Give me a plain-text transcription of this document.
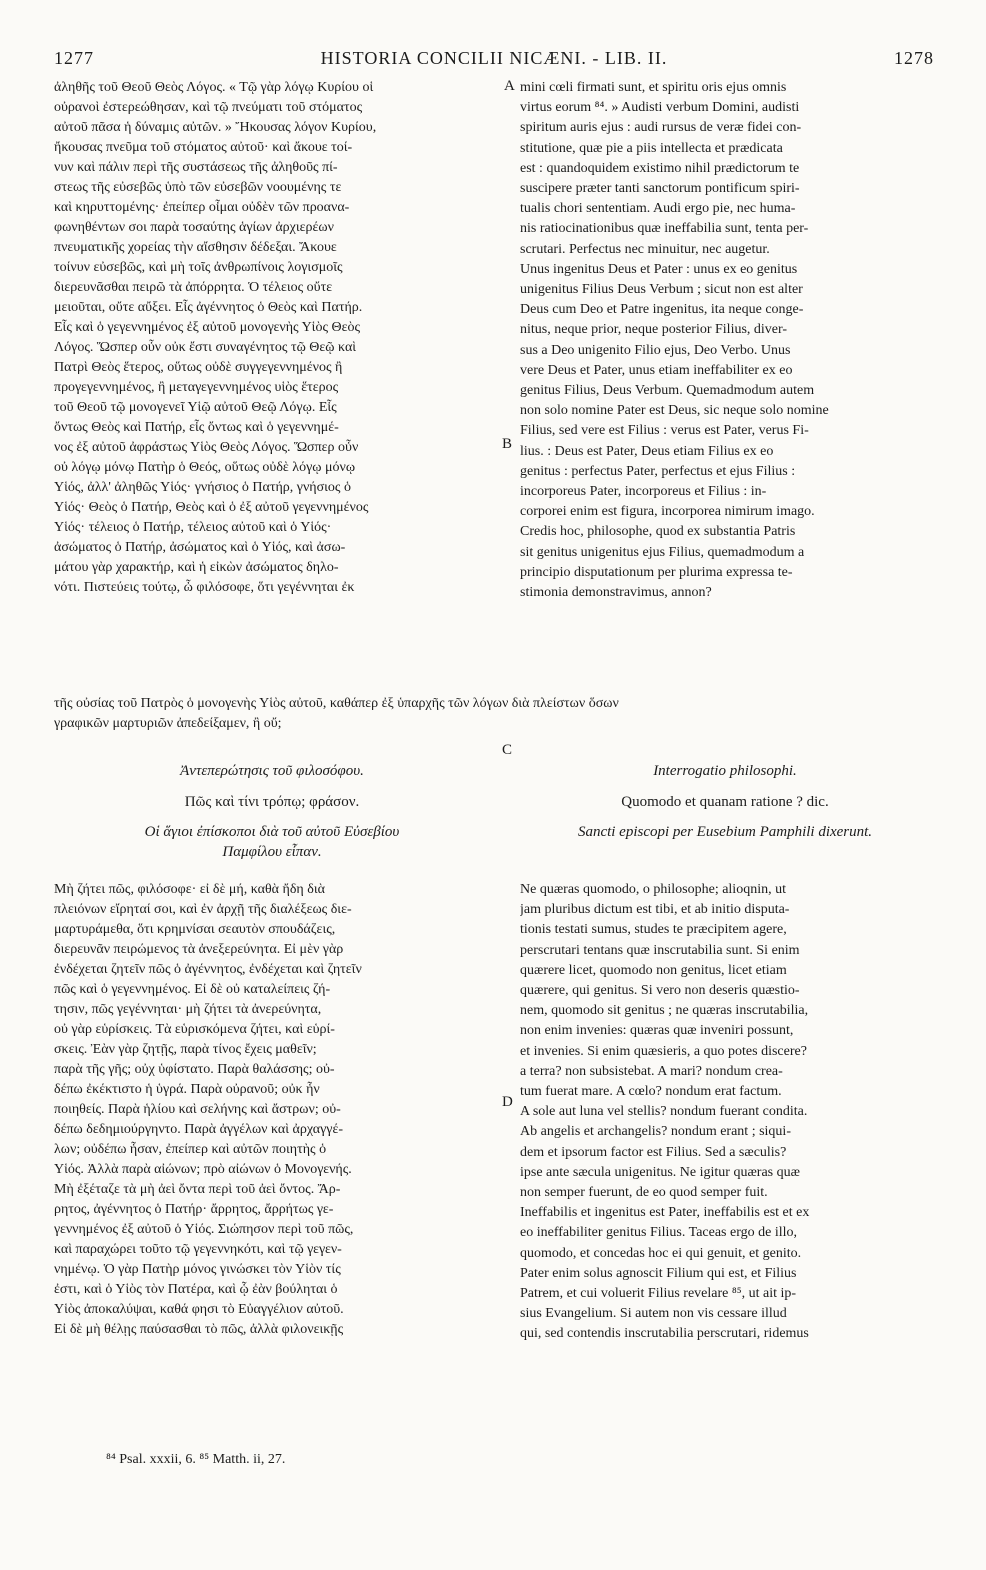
1277	HISTORIA CONCILII NICÆNI. - LIB. II.	1278
ἀληθῆς τοῦ Θεοῦ Θεὸς Λόγος. « Τῷ γὰρ λόγῳ Κυρίου οἱ
οὐρανοὶ ἐστερεώθησαν, καὶ τῷ πνεύματι τοῦ στόματος
αὐτοῦ πᾶσα ἡ δύναμις αὐτῶν. » Ἤκουσας λόγον Κυρίου,
ἤκουσας πνεῦμα τοῦ στόματος αὐτοῦ· καὶ ἄκουε τοί-
νυν καὶ πάλιν περὶ τῆς συστάσεως τῆς ἀληθοῦς πί-
στεως τῆς εὐσεβῶς ὑπὸ τῶν εὐσεβῶν νοουμένης τε
καὶ κηρυττομένης· ἐπείπερ οἶμαι οὐδὲν τῶν προανα-
φωνηθέντων σοι παρὰ τοσαύτης ἁγίων ἀρχιερέων
πνευματικῆς χορείας τὴν αἴσθησιν δέδεξαι. Ἄκουε
τοίνυν εὐσεβῶς, καὶ μὴ τοῖς ἀνθρωπίνοις λογισμοῖς
διερευνᾶσθαι πειρῶ τὰ ἀπόρρητα. Ὁ τέλειος οὔτε
μειοῦται, οὔτε αὔξει. Εἷς ἀγέννητος ὁ Θεὸς καὶ Πατήρ.
Εἷς καὶ ὁ γεγεννημένος ἐξ αὐτοῦ μονογενὴς Υἱὸς Θεὸς
Λόγος. Ὥσπερ οὖν οὐκ ἔστι συναγένητος τῷ Θεῷ καὶ
Πατρὶ Θεὸς ἕτερος, οὕτως οὐδὲ συγγεγεννημένος ἢ
προγεγεννημένος, ἢ μεταγεγεννημένος υἱὸς ἕτερος
τοῦ Θεοῦ τῷ μονογενεῖ Υἱῷ αὐτοῦ Θεῷ Λόγῳ. Εἷς
ὄντως Θεὸς καὶ Πατήρ, εἷς ὄντως καὶ ὁ γεγεννημέ-
νος ἐξ αὐτοῦ ἀφράστως Υἱὸς Θεὸς Λόγος. Ὥσπερ οὖν
οὐ λόγῳ μόνῳ Πατὴρ ὁ Θεός, οὕτως οὐδὲ λόγῳ μόνῳ
Υἱός, ἀλλ' ἀληθῶς Υἱός· γνήσιος ὁ Πατήρ, γνήσιος ὁ
Υἱός· Θεὸς ὁ Πατήρ, Θεὸς καὶ ὁ ἐξ αὐτοῦ γεγεννημένος
Υἱός· τέλειος ὁ Πατήρ, τέλειος αὐτοῦ καὶ ὁ Υἱός·
ἀσώματος ὁ Πατήρ, ἀσώματος καὶ ὁ Υἱός, καὶ ἀσω-
μάτου γὰρ χαρακτήρ, καὶ ἡ εἰκὼν ἀσώματος δηλο-
νότι. Πιστεύεις τούτῳ, ὦ φιλόσοφε, ὅτι γεγέννηται ἐκ
mini cœli firmati sunt, et spiritu oris ejus omnis
virtus eorum ⁸⁴. » Audisti verbum Domini, audisti
spiritum auris ejus : audi rursus de veræ fidei con-
stitutione, quæ pie a piis intellecta et prædicata
est : quandoquidem existimo nihil prædictorum te
suscipere præter tanti sanctorum pontificum spiri-
tualis chori sententiam. Audi ergo pie, nec huma-
nis ratiocinationibus quæ ineffabilia sunt, tenta per-
scrutari. Perfectus nec minuitur, nec augetur.
Unus ingenitus Deus et Pater : unus ex eo genitus
unigenitus Filius Deus Verbum ; sicut non est alter
Deus cum Deo et Patre ingenitus, ita neque conge-
nitus, neque prior, neque posterior Filius, diver-
sus a Deo unigenito Filio ejus, Deo Verbo. Unus
vere Deus et Pater, unus etiam ineffabiliter ex eo
genitus Filius, Deus Verbum. Quemadmodum autem
non solo nomine Pater est Deus, sic neque solo nomine
Filius, sed vere est Filius : verus est Pater, verus Fi-
lius. : Deus est Pater, Deus etiam Filius ex eo
genitus : perfectus Pater, perfectus et ejus Filius :
incorporeus Pater, incorporeus et Filius : in-
corporei enim est figura, incorporea nimirum imago.
Credis hoc, philosophe, quod ex substantia Patris
sit genitus unigenitus ejus Filius, quemadmodum a
principio disputationum per plurima expressa te-
stimonia demonstravimus, annon?
τῆς οὐσίας τοῦ Πατρὸς ὁ μονογενὴς Υἱὸς αὐτοῦ, καθάπερ ἐξ ὑπαρχῆς τῶν λόγων διὰ πλείστων ὅσων
γραφικῶν μαρτυριῶν ἀπεδείξαμεν, ἢ οὔ;
A
B
C
D
Ἀντεπερώτησις τοῦ φιλοσόφου.
Πῶς καὶ τίνι τρόπῳ; φράσον.
Οἱ ἅγιοι ἐπίσκοποι διὰ τοῦ αὐτοῦ Εὐσεβίου Παμφίλου εἶπαν.
Interrogatio philosophi.
Quomodo et quanam ratione ? dic.
Sancti episcopi per Eusebium Pamphili dixerunt.
Μὴ ζήτει πῶς, φιλόσοφε· εἰ δὲ μή, καθὰ ἤδη διὰ
πλειόνων εἴρηταί σοι, καὶ ἐν ἀρχῇ τῆς διαλέξεως διε-
μαρτυράμεθα, ὅτι κρημνίσαι σεαυτὸν σπουδάζεις,
διερευνᾶν πειρώμενος τὰ ἀνεξερεύνητα. Εἰ μὲν γὰρ
ἐνδέχεται ζητεῖν πῶς ὁ ἀγέννητος, ἐνδέχεται καὶ ζητεῖν
πῶς καὶ ὁ γεγεννημένος. Εἰ δὲ οὐ καταλείπεις ζή-
τησιν, πῶς γεγέννηται· μὴ ζήτει τὰ ἀνερεύνητα,
οὐ γὰρ εὑρίσκεις. Τὰ εὑρισκόμενα ζήτει, καὶ εὑρί-
σκεις. Ἐὰν γὰρ ζητῇς, παρὰ τίνος ἔχεις μαθεῖν;
παρὰ τῆς γῆς; οὐχ ὑφίστατο. Παρὰ θαλάσσης; οὐ-
δέπω ἐκέκτιστο ἡ ὑγρά. Παρὰ οὐρανοῦ; οὐκ ἦν
ποιηθείς. Παρὰ ἡλίου καὶ σελήνης καὶ ἄστρων; οὐ-
δέπω δεδημιούργηντο. Παρὰ ἀγγέλων καὶ ἀρχαγγέ-
λων; οὐδέπω ἦσαν, ἐπείπερ καὶ αὐτῶν ποιητὴς ὁ
Υἱός. Ἀλλὰ παρὰ αἰώνων; πρὸ αἰώνων ὁ Μονογενής.
Μὴ ἐξέταζε τὰ μὴ ἀεὶ ὄντα περὶ τοῦ ἀεὶ ὄντος. Ἄρ-
ρητος, ἀγέννητος ὁ Πατήρ· ἄρρητος, ἄρρήτως γε-
γεννημένος ἐξ αὐτοῦ ὁ Υἱός. Σιώπησον περὶ τοῦ πῶς,
καὶ παραχώρει τοῦτο τῷ γεγεννηκότι, καὶ τῷ γεγεν-
νημένῳ. Ὁ γὰρ Πατὴρ μόνος γινώσκει τὸν Υἱὸν τίς
ἐστι, καὶ ὁ Υἱὸς τὸν Πατέρα, καὶ ᾧ ἐὰν βούληται ὁ
Υἱὸς ἀποκαλύψαι, καθά φησι τὸ Εὐαγγέλιον αὐτοῦ.
Εἰ δὲ μὴ θέλῃς παύσασθαι τὸ πῶς, ἀλλὰ φιλονεικῇς
Ne quæras quomodo, o philosophe; alioqnin, ut
jam pluribus dictum est tibi, et ab initio disputa-
tionis testati sumus, studes te præcipitem agere,
perscrutari tentans quæ inscrutabilia sunt. Si enim
quærere licet, quomodo non genitus, licet etiam
quærere, qui genitus. Si vero non deseris quæstio-
nem, quomodo sit genitus ; ne quæras inscrutabilia,
non enim invenies: quæras quæ inveniri possunt,
et invenies. Si enim quæsieris, a quo potes discere?
a terra? non subsistebat. A mari? nondum crea-
tum fuerat mare. A cœlo? nondum erat factum.
A sole aut luna vel stellis? nondum fuerant condita.
Ab angelis et archangelis? nondum erant ; siqui-
dem et ipsorum factor est Filius. Sed a sæculis?
ipse ante sæcula unigenitus. Ne igitur quæras quæ
non semper fuerunt, de eo quod semper fuit.
Ineffabilis et ingenitus est Pater, ineffabilis est et ex
eo ineffabiliter genitus Filius. Taceas ergo de illo,
quomodo, et concedas hoc ei qui genuit, et genito.
Pater enim solus agnoscit Filium qui est, et Filius
Patrem, et cui voluerit Filius revelare ⁸⁵, ut ait ip-
sius Evangelium. Si autem non vis cessare illud
qui, sed contendis inscrutabilia perscrutari, ridemus
⁸⁴ Psal. xxxii, 6. ⁸⁵ Matth. ii, 27.
